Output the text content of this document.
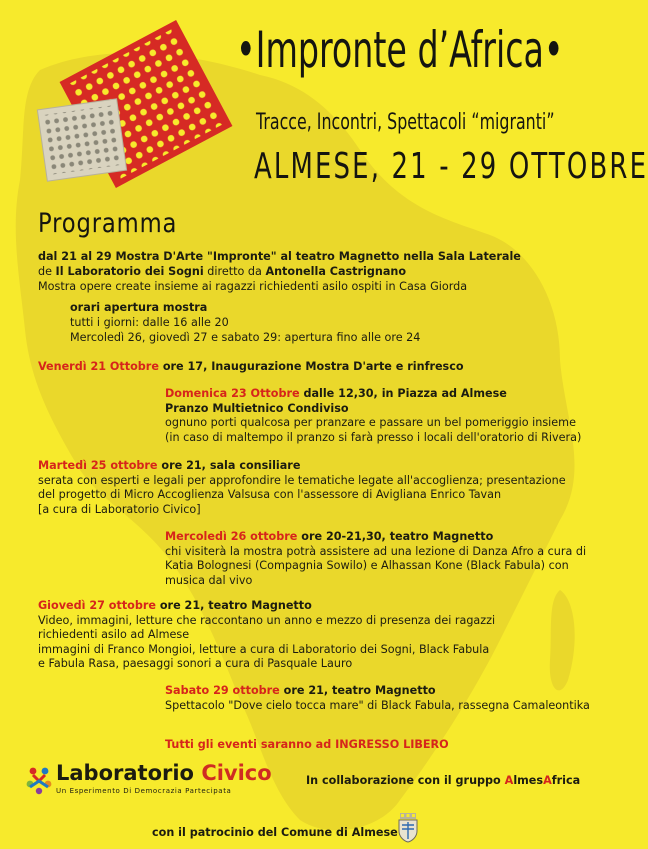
•Impronte d’Africa•
Tracce, Incontri, Spettacoli “migranti”
ALMESE, 21 - 29 OTTOBRE
Programma
dal 21 al 29 Mostra D'Arte "Impronte" al teatro Magnetto nella Sala Laterale
de Il Laboratorio dei Sogni diretto da Antonella Castrignano
Mostra opere create insieme ai ragazzi richiedenti asilo ospiti in Casa Giorda
orari apertura mostra
tutti i giorni: dalle 16 alle 20
Mercoledì 26, giovedì 27 e sabato 29: apertura fino alle ore 24
Venerdì 21 Ottobre ore 17, Inaugurazione Mostra D'arte e rinfresco
Domenica 23 Ottobre dalle 12,30, in Piazza ad Almese
Pranzo Multietnico Condiviso
ognuno porti qualcosa per pranzare e passare un bel pomeriggio insieme
(in caso di maltempo il pranzo si farà presso i locali dell'oratorio di Rivera)
Martedì 25 ottobre ore 21, sala consiliare
serata con esperti e legali per approfondire le tematiche legate all'accoglienza; presentazione
del progetto di Micro Accoglienza Valsusa con l'assessore di Avigliana Enrico Tavan
[a cura di Laboratorio Civico]
Mercoledì 26 ottobre ore 20-21,30, teatro Magnetto
chi visiterà la mostra potrà assistere ad una lezione di Danza Afro a cura di
Katia Bolognesi (Compagnia Sowilo) e Alhassan Kone (Black Fabula) con
musica dal vivo
Giovedì 27 ottobre ore 21, teatro Magnetto
Video, immagini, letture che raccontano un anno e mezzo di presenza dei ragazzi
richiedenti asilo ad Almese
immagini di Franco Mongioi, letture a cura di Laboratorio dei Sogni, Black Fabula
e Fabula Rasa, paesaggi sonori a cura di Pasquale Lauro
Sabato 29 ottobre ore 21, teatro Magnetto
Spettacolo "Dove cielo tocca mare" di Black Fabula, rassegna Camaleontika
Tutti gli eventi saranno ad INGRESSO LIBERO
Laboratorio Civico
Un Esperimento Di Democrazia Partecipata
In collaborazione con il gruppo AlmesAfrica
con il patrocinio del Comune di Almese
